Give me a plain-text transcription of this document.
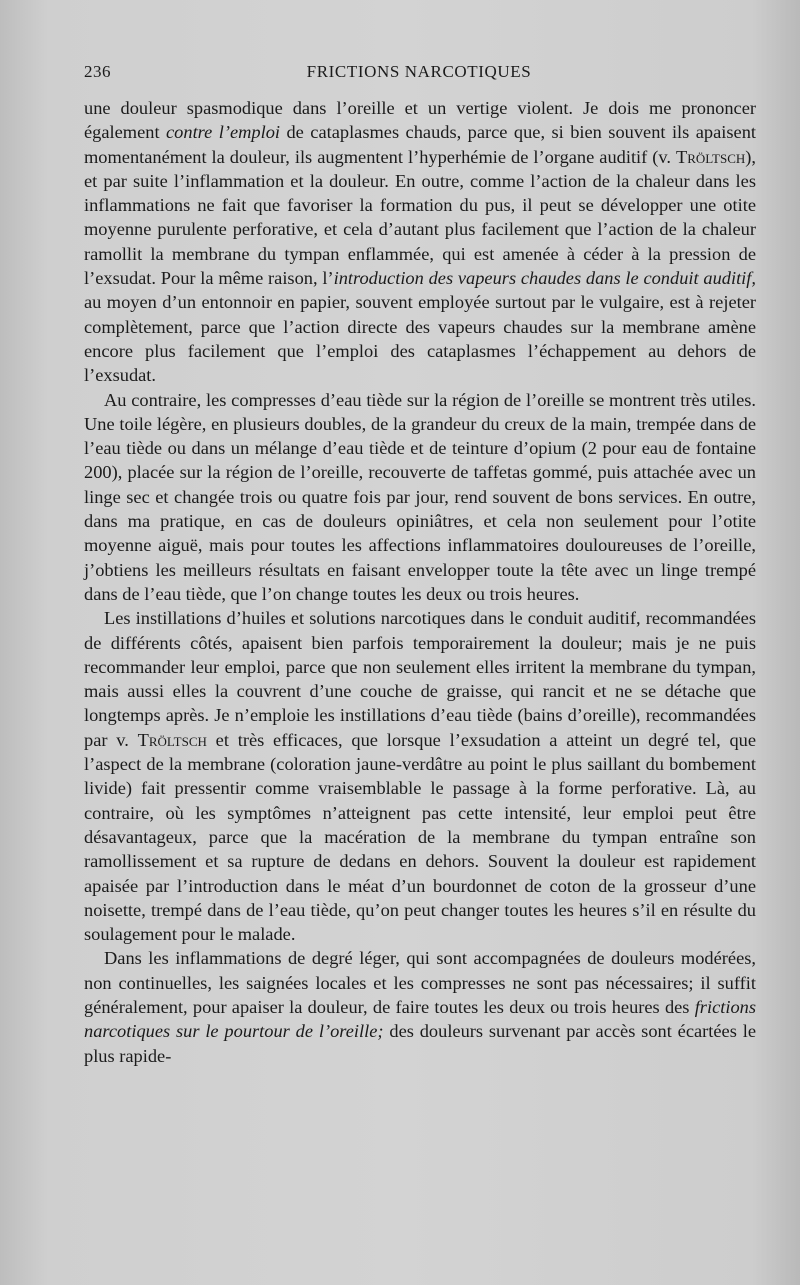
236	FRICTIONS NARCOTIQUES

une douleur spasmodique dans l’oreille et un vertige violent. Je dois me prononcer également contre l’emploi de cataplasmes chauds, parce que, si bien souvent ils apaisent momentanément la douleur, ils augmentent l’hyperhémie de l’organe auditif (v. Tröltsch), et par suite l’inflammation et la douleur. En outre, comme l’action de la chaleur dans les inflammations ne fait que favoriser la formation du pus, il peut se développer une otite moyenne purulente perforative, et cela d’autant plus facilement que l’action de la chaleur ramollit la membrane du tympan enflammée, qui est amenée à céder à la pression de l’exsudat. Pour la même raison, l’introduction des vapeurs chaudes dans le conduit auditif, au moyen d’un entonnoir en papier, souvent employée surtout par le vulgaire, est à rejeter complètement, parce que l’action directe des vapeurs chaudes sur la membrane amène encore plus facilement que l’emploi des cataplasmes l’échappement au dehors de l’exsudat.

Au contraire, les compresses d’eau tiède sur la région de l’oreille se montrent très utiles. Une toile légère, en plusieurs doubles, de la grandeur du creux de la main, trempée dans de l’eau tiède ou dans un mélange d’eau tiède et de teinture d’opium (2 pour eau de fontaine 200), placée sur la région de l’oreille, recouverte de taffetas gommé, puis attachée avec un linge sec et changée trois ou quatre fois par jour, rend souvent de bons services. En outre, dans ma pratique, en cas de douleurs opiniâtres, et cela non seulement pour l’otite moyenne aiguë, mais pour toutes les affections inflammatoires douloureuses de l’oreille, j’obtiens les meilleurs résultats en faisant envelopper toute la tête avec un linge trempé dans de l’eau tiède, que l’on change toutes les deux ou trois heures.

Les instillations d’huiles et solutions narcotiques dans le conduit auditif, recommandées de différents côtés, apaisent bien parfois temporairement la douleur; mais je ne puis recommander leur emploi, parce que non seulement elles irritent la membrane du tympan, mais aussi elles la couvrent d’une couche de graisse, qui rancit et ne se détache que longtemps après. Je n’emploie les instillations d’eau tiède (bains d’oreille), recommandées par v. Tröltsch et très efficaces, que lorsque l’exsudation a atteint un degré tel, que l’aspect de la membrane (coloration jaune-verdâtre au point le plus saillant du bombement livide) fait pressentir comme vraisemblable le passage à la forme perforative. Là, au contraire, où les symptômes n’atteignent pas cette intensité, leur emploi peut être désavantageux, parce que la macération de la membrane du tympan entraîne son ramollissement et sa rupture de dedans en dehors. Souvent la douleur est rapidement apaisée par l’introduction dans le méat d’un bourdonnet de coton de la grosseur d’une noisette, trempé dans de l’eau tiède, qu’on peut changer toutes les heures s’il en résulte du soulagement pour le malade.

Dans les inflammations de degré léger, qui sont accompagnées de douleurs modérées, non continuelles, les saignées locales et les compresses ne sont pas nécessaires; il suffit généralement, pour apaiser la douleur, de faire toutes les deux ou trois heures des frictions narcotiques sur le pourtour de l’oreille; des douleurs survenant par accès sont écartées le plus rapide-
